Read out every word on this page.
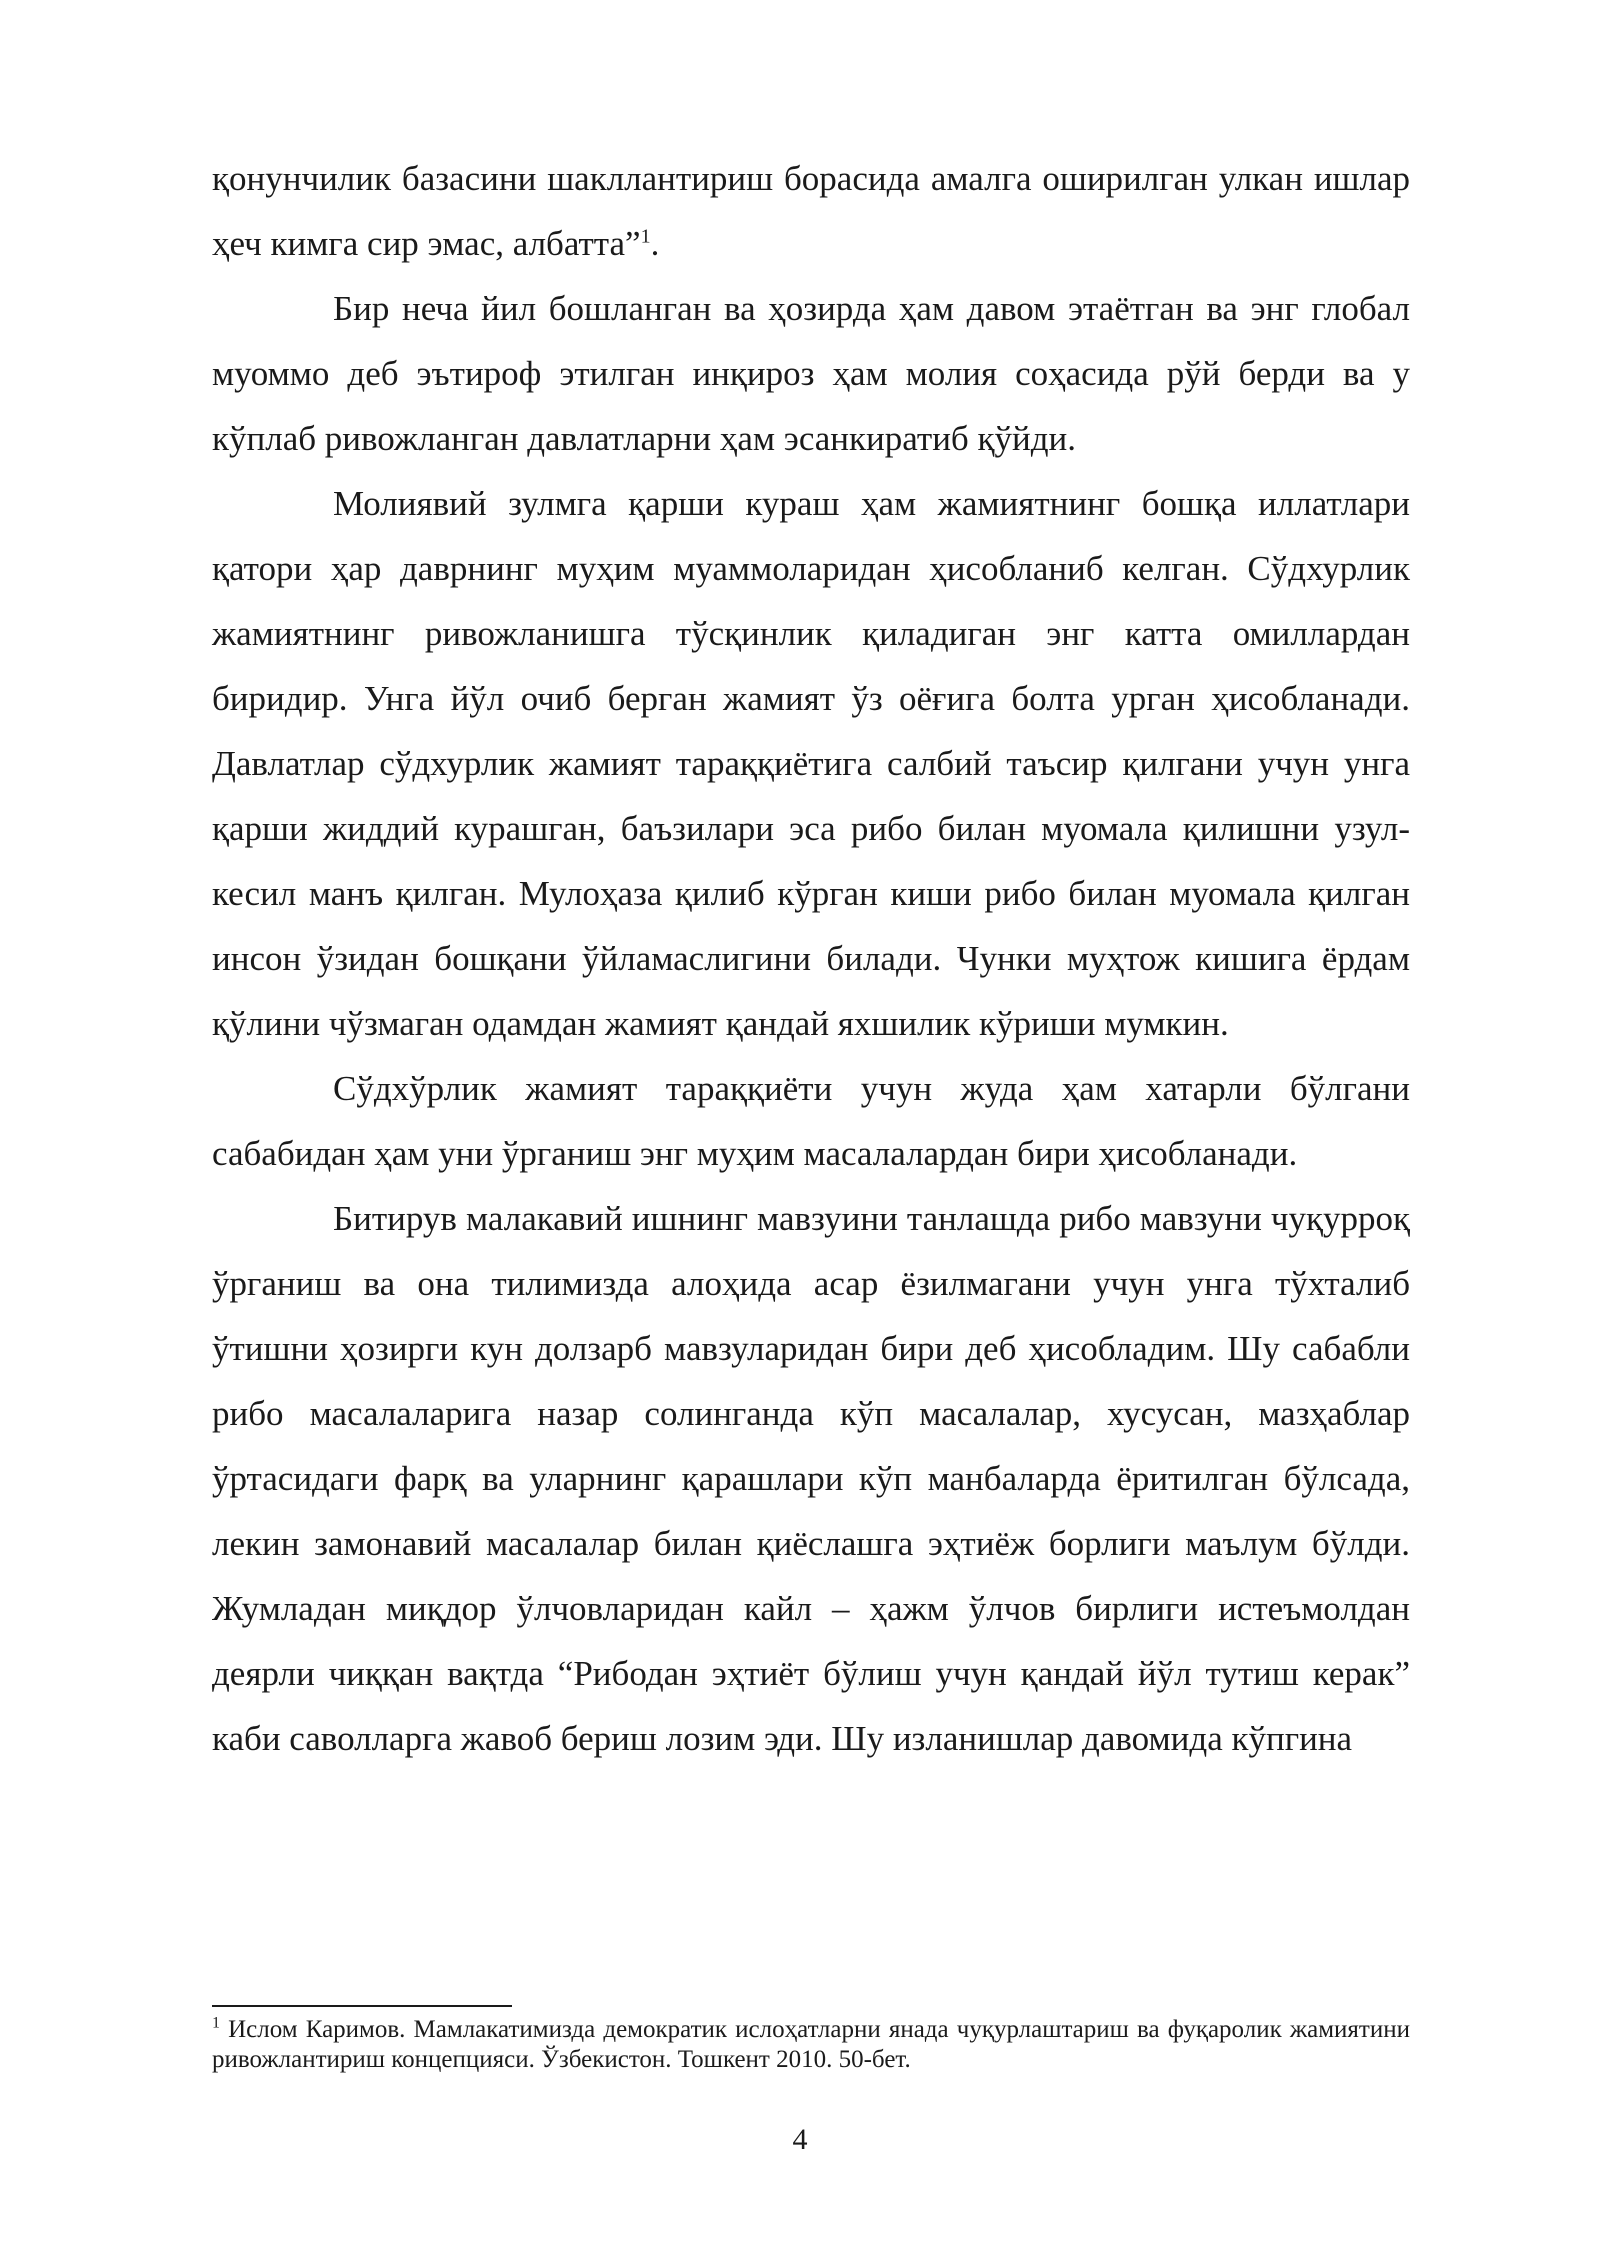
қонунчилик базасини шакллантириш борасида амалга оширилган улкан ишлар ҳеч кимга сир эмас, албатта”$^1$.

Бир неча йил бошланган ва ҳозирда ҳам давом этаётган ва энг глобал муоммо деб эътироф этилган инқироз ҳам молия соҳасида рўй берди ва у кўплаб ривожланган давлатларни ҳам эсанкиратиб қўйди.

Молиявий зулмга қарши кураш ҳам жамиятнинг бошқа иллатлари қатори ҳар даврнинг муҳим муаммоларидан ҳисобланиб келган. Сўдхурлик жамиятнинг ривожланишга тўсқинлик қиладиган энг катта омиллардан биридир. Унга йўл очиб берган жамият ўз оёғига болта урган ҳисобланади. Давлатлар сўдхурлик жамият тараққиётига салбий таъсир қилгани учун унга қарши жиддий курашган, баъзилари эса рибо билан муомала қилишни узул-кесил манъ қилган. Мулоҳаза қилиб кўрган киши рибо билан муомала қилган инсон ўзидан бошқани ўйламаслигини билади. Чунки муҳтож кишига ёрдам қўлини чўзмаган одамдан жамият қандай яхшилик кўриши мумкин.

Сўдхўрлик жамият тараққиёти учун жуда ҳам хатарли бўлгани сабабидан ҳам уни ўрганиш энг муҳим масалалардан бири ҳисобланади.

Битирув малакавий ишнинг мавзуини танлашда рибо мавзуни чуқурроқ ўрганиш ва она тилимизда алоҳида асар ёзилмагани учун унга тўхталиб ўтишни ҳозирги кун долзарб мавзуларидан бири деб ҳисобладим. Шу сабабли рибо масалаларига назар солинганда кўп масалалар, хусусан, мазҳаблар ўртасидаги фарқ ва уларнинг қарашлари кўп манбаларда ёритилган бўлсада, лекин замонавий масалалар билан қиёслашга эҳтиёж борлиги маълум бўлди. Жумладан миқдор ўлчовларидан кайл – ҳажм ўлчов бирлиги истеъмолдан деярли чиққан вақтда “Рибодан эҳтиёт бўлиш учун қандай йўл тутиш керак” каби саволларга жавоб бериш лозим эди. Шу изланишлар давомида кўпгина

$^1$ Ислом Каримов. Мамлакатимизда демократик ислоҳатларни янада чуқурлаштариш ва фуқаролик жамиятини ривожлантириш концепцияси. Ўзбекистон. Тошкент 2010. 50-бет.
4
